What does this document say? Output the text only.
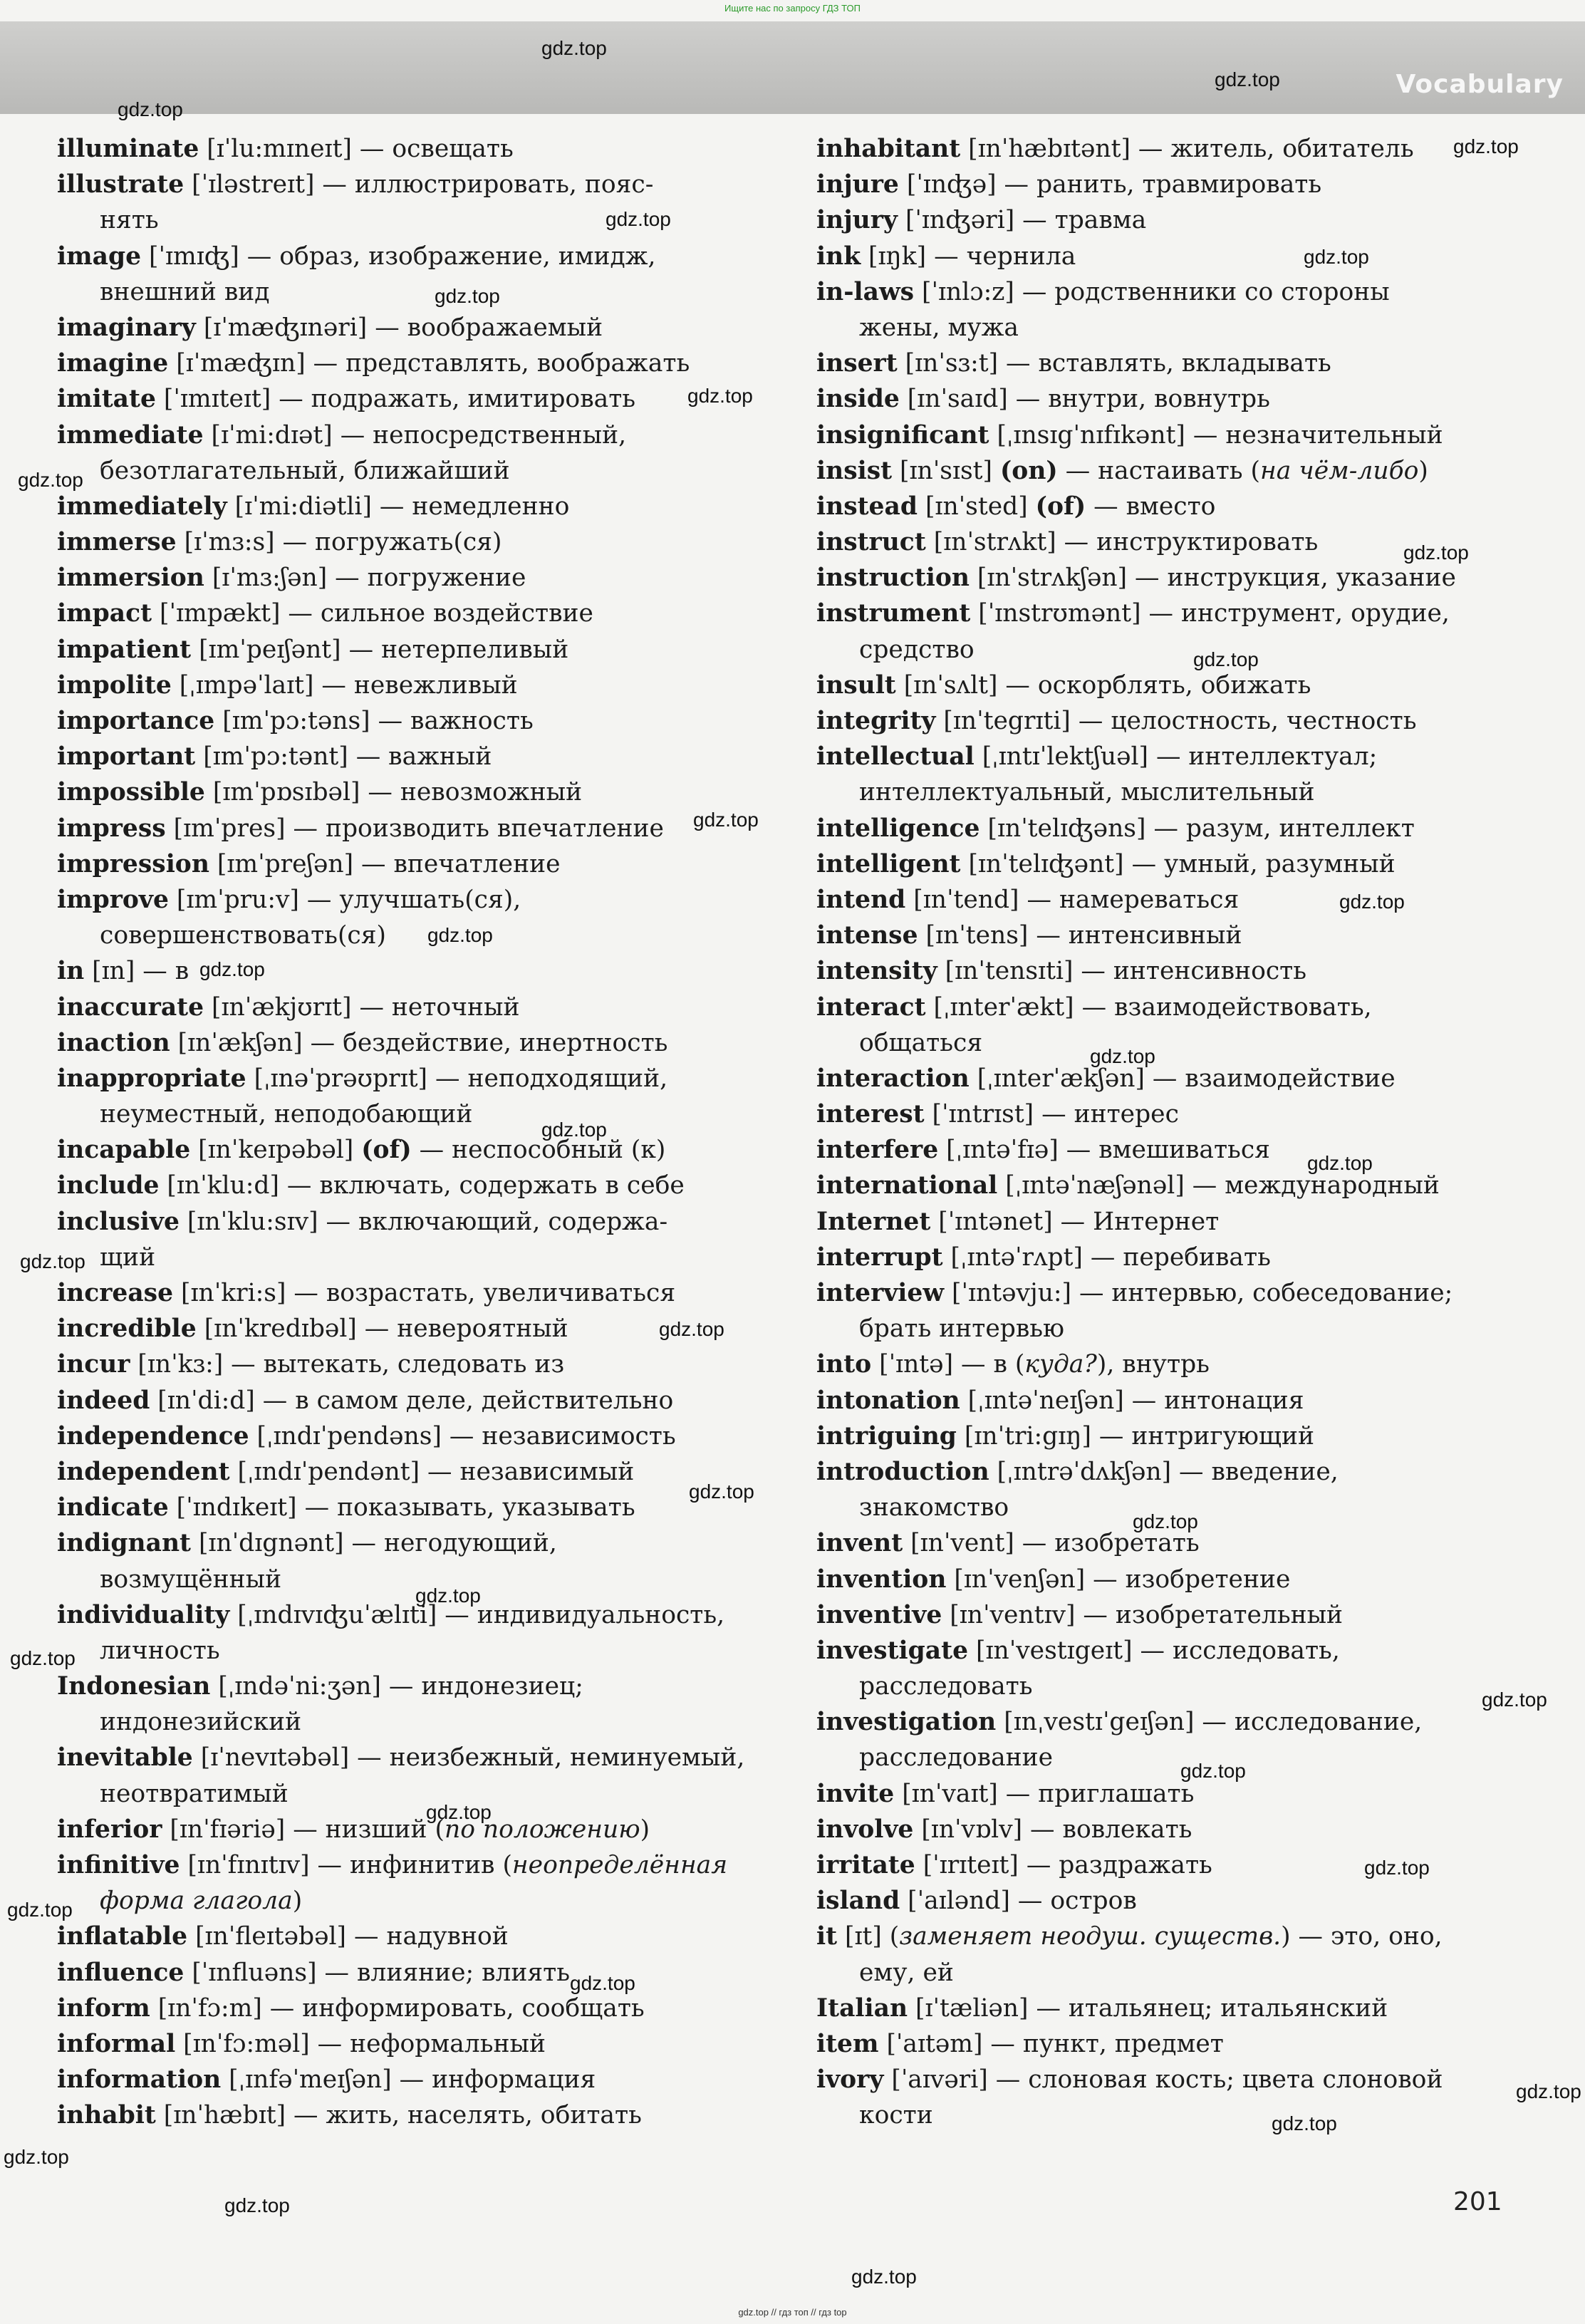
Ищите нас по запросу ГДЗ ТОП
Vocabulary
illuminate [ɪˈlu:mɪneɪt] — освещать
illustrate [ˈɪləstreɪt] — иллюстрировать, пояс-
нять
image [ˈɪmɪʤ] — образ, изображение, имидж,
внешний вид
imaginary [ɪˈmæʤɪnəri] — воображаемый
imagine [ɪˈmæʤɪn] — представлять, воображать
imitate [ˈɪmɪteɪt] — подражать, имитировать
immediate [ɪˈmi:dɪət] — непосредственный,
безотлагательный, ближайший
immediately [ɪˈmi:diətli] — немедленно
immerse [ɪˈmɜ:s] — погружать(ся)
immersion [ɪˈmɜ:ʃən] — погружение
impact [ˈɪmpækt] — сильное воздействие
impatient [ɪmˈpeɪʃənt] — нетерпеливый
impolite [ˌɪmpəˈlaɪt] — невежливый
importance [ɪmˈpɔ:təns] — важность
important [ɪmˈpɔ:tənt] — важный
impossible [ɪmˈpɒsɪbəl] — невозможный
impress [ɪmˈpres] — производить впечатление
impression [ɪmˈpreʃən] — впечатление
improve [ɪmˈpru:v] — улучшать(ся),
совершенствовать(ся)
in [ɪn] — в
inaccurate [ɪnˈækjʊrɪt] — неточный
inaction [ɪnˈækʃən] — бездействие, инертность
inappropriate [ˌɪnəˈprəʊprɪt] — неподходящий,
неуместный, неподобающий
incapable [ɪnˈkeɪpəbəl] (of) — неспособный (к)
include [ɪnˈklu:d] — включать, содержать в себе
inclusive [ɪnˈklu:sɪv] — включающий, содержа-
щий
increase [ɪnˈkri:s] — возрастать, увеличиваться
incredible [ɪnˈkredɪbəl] — невероятный
incur [ɪnˈkɜ:] — вытекать, следовать из
indeed [ɪnˈdi:d] — в самом деле, действительно
independence [ˌɪndɪˈpendəns] — независимость
independent [ˌɪndɪˈpendənt] — независимый
indicate [ˈɪndɪkeɪt] — показывать, указывать
indignant [ɪnˈdɪgnənt] — негодующий,
возмущённый
individuality [ˌɪndɪvɪʤuˈælɪti] — индивидуальность,
личность
Indonesian [ˌɪndəˈni:ʒən] — индонезиец;
индонезийский
inevitable [ɪˈnevɪtəbəl] — неизбежный, неминуемый,
неотвратимый
inferior [ɪnˈfɪəriə] — низший (по положению)
infinitive [ɪnˈfɪnɪtɪv] — инфинитив (неопределённая
форма глагола)
inflatable [ɪnˈfleɪtəbəl] — надувной
influence [ˈɪnfluəns] — влияние; влиять
inform [ɪnˈfɔ:m] — информировать, сообщать
informal [ɪnˈfɔ:məl] — неформальный
information [ˌɪnfəˈmeɪʃən] — информация
inhabit [ɪnˈhæbɪt] — жить, населять, обитать
inhabitant [ɪnˈhæbɪtənt] — житель, обитатель
injure [ˈɪnʤə] — ранить, травмировать
injury [ˈɪnʤəri] — травма
ink [ɪŋk] — чернила
in-laws [ˈɪnlɔ:z] — родственники со стороны
жены, мужа
insert [ɪnˈsɜ:t] — вставлять, вкладывать
inside [ɪnˈsaɪd] — внутри, вовнутрь
insignificant [ˌɪnsɪgˈnɪfɪkənt] — незначительный
insist [ɪnˈsɪst] (on) — настаивать (на чём-либо)
instead [ɪnˈsted] (of) — вместо
instruct [ɪnˈstrʌkt] — инструктировать
instruction [ɪnˈstrʌkʃən] — инструкция, указание
instrument [ˈɪnstrʊmənt] — инструмент, орудие,
средство
insult [ɪnˈsʌlt] — оскорблять, обижать
integrity [ɪnˈtegrɪti] — целостность, честность
intellectual [ˌɪntɪˈlektʃuəl] — интеллектуал;
интеллектуальный, мыслительный
intelligence [ɪnˈtelɪʤəns] — разум, интеллект
intelligent [ɪnˈtelɪʤənt] — умный, разумный
intend [ɪnˈtend] — намереваться
intense [ɪnˈtens] — интенсивный
intensity [ɪnˈtensɪti] — интенсивность
interact [ˌɪnterˈækt] — взаимодействовать,
общаться
interaction [ˌɪnterˈækʃən] — взаимодействие
interest [ˈɪntrɪst] — интерес
interfere [ˌɪntəˈfɪə] — вмешиваться
international [ˌɪntəˈnæʃənəl] — международный
Internet [ˈɪntənet] — Интернет
interrupt [ˌɪntəˈrʌpt] — перебивать
interview [ˈɪntəvju:] — интервью, собеседование;
брать интервью
into [ˈɪntə] — в (куда?), внутрь
intonation [ˌɪntəˈneɪʃən] — интонация
intriguing [ɪnˈtri:gɪŋ] — интригующий
introduction [ˌɪntrəˈdʌkʃən] — введение,
знакомство
invent [ɪnˈvent] — изобретать
invention [ɪnˈvenʃən] — изобретение
inventive [ɪnˈventɪv] — изобретательный
investigate [ɪnˈvestɪgeɪt] — исследовать,
расследовать
investigation [ɪnˌvestɪˈgeɪʃən] — исследование,
расследование
invite [ɪnˈvaɪt] — приглашать
involve [ɪnˈvɒlv] — вовлекать
irritate [ˈɪrɪteɪt] — раздражать
island [ˈaɪlənd] — остров
it [ɪt] (заменяет неодуш. существ.) — это, оно,
ему, ей
Italian [ɪˈtæliən] — итальянец; итальянский
item [ˈaɪtəm] — пункт, предмет
ivory [ˈaɪvəri] — слоновая кость; цвета слоновой
кости
201
gdz.top // гдз топ // гдз top
gdz.top
gdz.top
gdz.top
gdz.top
gdz.top
gdz.top
gdz.top
gdz.top
gdz.top
gdz.top
gdz.top
gdz.top
gdz.top
gdz.top
gdz.top
gdz.top
gdz.top
gdz.top
gdz.top
gdz.top
gdz.top
gdz.top
gdz.top
gdz.top
gdz.top
gdz.top
gdz.top
gdz.top
gdz.top
gdz.top
gdz.top
gdz.top
gdz.top
gdz.top
gdz.top
